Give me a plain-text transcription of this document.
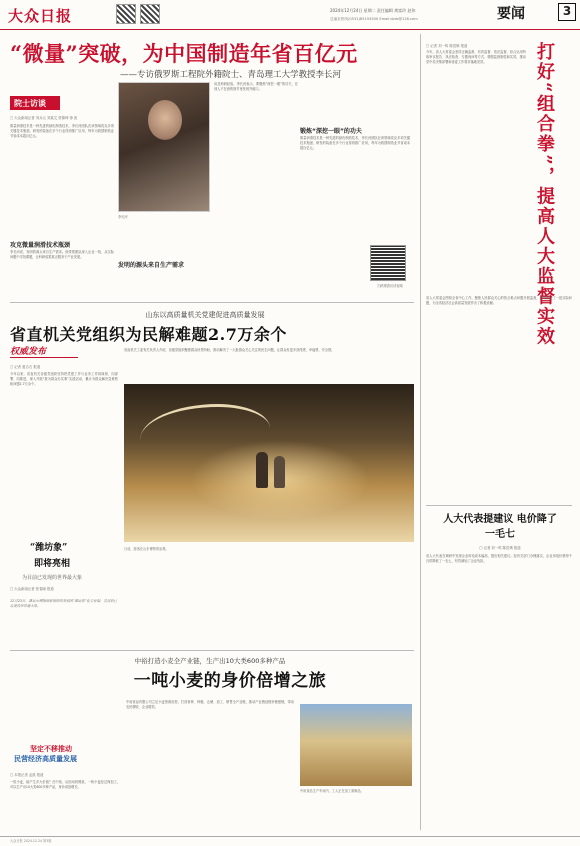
大众日报	2024年12月24日 星期二 责任编辑 黄富玲 赵伟
总编室热线(0531)85193500 Email:dzrb@126.com	要闻	3
“微量”突破，为中国制造年省百亿元
——专访俄罗斯工程院外籍院士、青岛理工大学教授李长河
院士访谈
□ 大众新闻记者 刘兵元 刘莫艾 张锦坤 徐 波
微量润滑技术是一种先进的绿色制造技术，李长河团队在该领域攻克多项关键技术瓶颈，研发的装备在多个行业得到推广应用，每年为我国制造业节省成本超百亿元。
攻克微量润滑技术瓶颈
李长河说，发明的源头来自生产需求。他带领团队深入企业一线，从实际问题中寻找课题，让科研成果真正服务于产业发展。
李长河
谈及科研经验，李长河表示，要锻炼“深挖一眼”的功夫，在别人不在意的细节里发现突破口。
发明的源头来自生产需求
锻炼“深挖一眼”的功夫
微量润滑技术是一种先进的绿色制造技术，李长河团队在该领域攻克多项关键技术瓶颈，研发的装备在多个行业得到推广应用，每年为我国制造业节省成本超百亿元。
扫码观看访谈视频
□ 记者 刘一鸣 陈语嫣 报道
今年，省人大常委会坚持正确监督、有效监督、依法监督，综合运用听取审议报告、执法检查、专题询问等方式，增强监督刚性和实效，推动党中央决策部署和省委工作要求落地见效。	打好“组合拳”，提高人大监督实效
省人大常委会围绕全省中心工作，聚焦人民群众关心的热点难点问题开展监督，推动解决了一批实际问题，为全省经济社会高质量发展作出了积极贡献。
人大代表提建议 电价降了一毛七
□ 记者 刘一鸣 陈语嫣 报道
省人大代表在调研中发现企业用电成本偏高，提出相关建议。经有关部门办理落实，企业用电价格每千瓦时降低了一毛七，有效减轻了企业负担。
山东以高质量机关党建促进高质量发展
省直机关党组织为民解难题2.7万余个
权威发布
□ 记者 夏吉衣 报道
今年以来，省直机关各级党组织坚持把党建工作与业务工作同谋划、同部署、同推进，深入开展“我为群众办实事”实践活动，累计为群众解决急难愁盼问题2.7万余个。
省直机关工委有关负责人介绍，各级党组织聚焦群众所思所盼，推动解决了一大批群众关心关注的民生问题，让群众有更多获得感、幸福感、安全感。
日前，游客在山东博物馆参观。
“潍坊象”
即将亮相
为目前已发现的世界最大象
□ 大众新闻记者 张春晓 报道
12月23日，潍坊市博物馆新馆即将亮相的“潍坊象”化石骨架，是目前已发现的世界最大象。
中裕打造小麦全产业链，生产出10大类600多种产品
一吨小麦的身价倍增之旅
坚定不移推动
民营经济高质量发展
□ 本报记者 孟凯 报道
一粒小麦，能产生多大价值？在中裕，从田间到餐桌，一吨小麦经过深加工，可以生产出10大类600多种产品，身价成倍增长。
中裕食品有限公司立足小麦资源优势，打造育种、种植、仓储、加工、销售全产业链，推动产业链延链补链强链，带动农民增收、企业增效。
中裕食品生产车间内，工人正在加工面制品。
大众日报 2024.12.24 第3版
